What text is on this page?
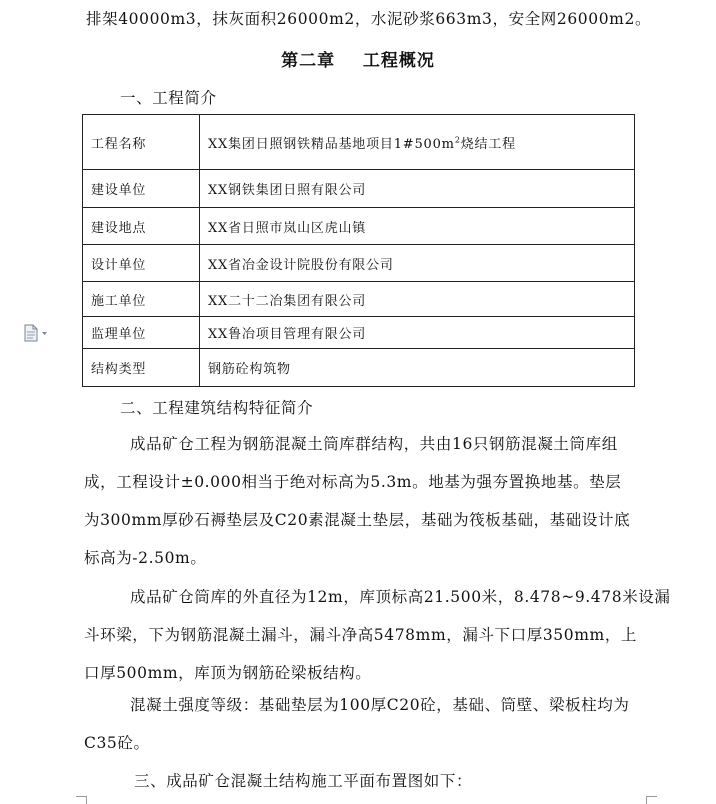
排架40000m3，抹灰面积26000m2，水泥砂浆663m3，安全网26000m2。
第二章    工程概况
一、工程简介
工程名称	XX集团日照钢铁精品基地项目$1\#500m^2$烧结工程
建设单位	XX钢铁集团日照有限公司
建设地点	XX省日照市岚山区虎山镇
设计单位	XX省冶金设计院股份有限公司
施工单位	XX二十二冶集团有限公司
监理单位	XX鲁冶项目管理有限公司
结构类型	钢筋砼构筑物
二、工程建筑结构特征简介
成品矿仓工程为钢筋混凝土筒库群结构，共由16只钢筋混凝土筒库组
成，工程设计±0.000相当于绝对标高为5.3m。地基为强夯置换地基。垫层
为300mm厚砂石褥垫层及C20素混凝土垫层，基础为筏板基础，基础设计底
标高为-2.50m。
成品矿仓筒库的外直径为12m，库顶标高21.500米，8.478~9.478米设漏
斗环梁，下为钢筋混凝土漏斗，漏斗净高5478mm，漏斗下口厚350mm，上
口厚500mm，库顶为钢筋砼梁板结构。
混凝土强度等级：基础垫层为100厚C20砼，基础、筒壁、梁板柱均为
C35砼。
三、成品矿仓混凝土结构施工平面布置图如下：
